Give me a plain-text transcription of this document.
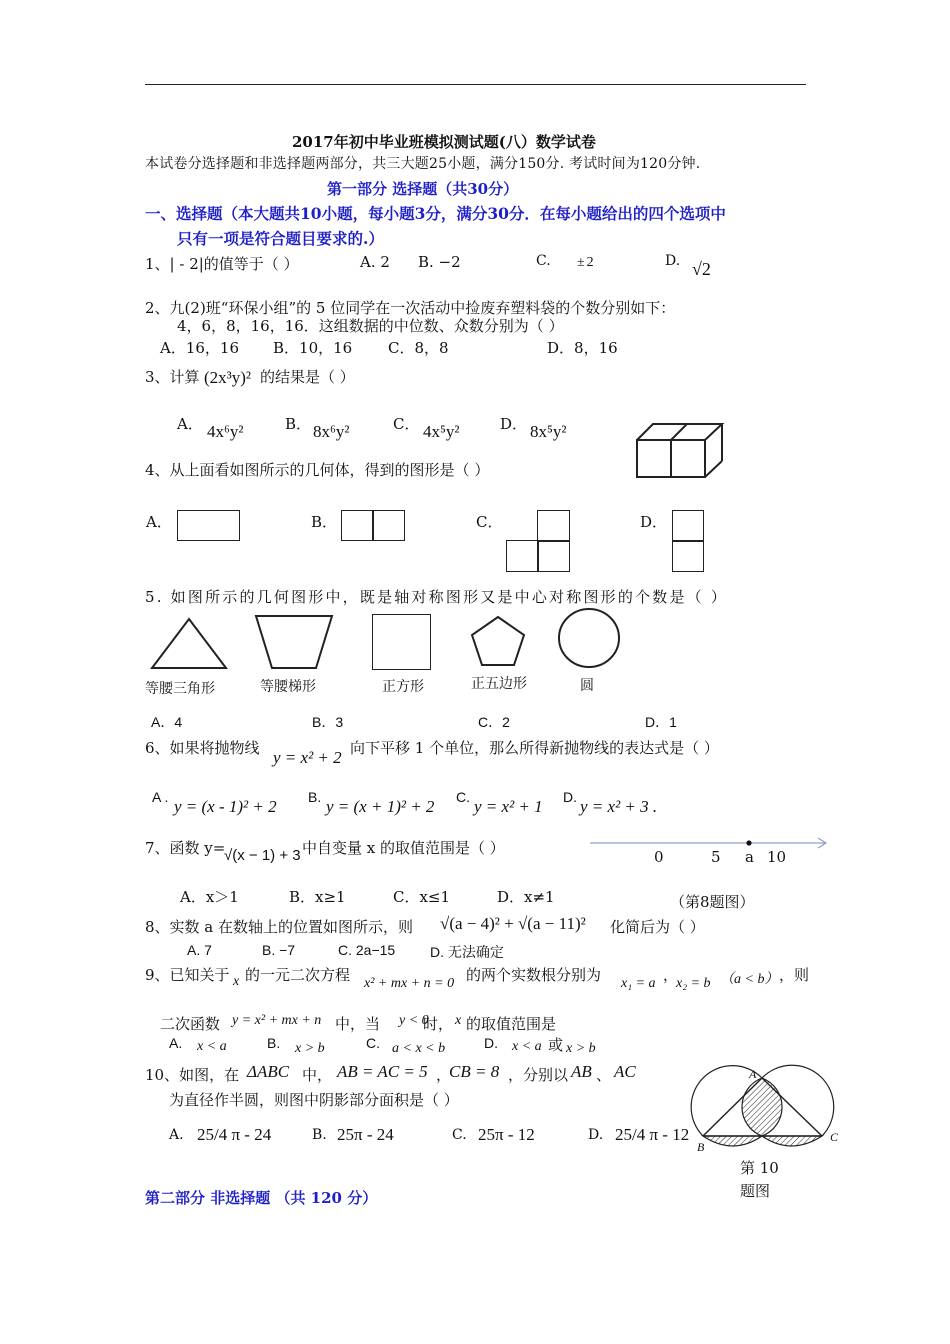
2017年初中毕业班模拟测试题(八）数学试卷
本试卷分选择题和非选择题两部分，共三大题25小题，满分150分. 考试时间为120分钟.
第一部分 选择题（共30分）
一、选择题（本大题共10小题，每小题3分，满分30分．在每小题给出的四个选项中
只有一项是符合题目要求的.）
1、| - 2|的值等于（ ）	A. 2 B. −2	C. ±2	D. √2
2、九(2)班“环保小组”的 5 位同学在一次活动中捡废弃塑料袋的个数分别如下：
4，6，8，16，16．这组数据的中位数、众数分别为（ ）
A．16，16 B．10，16 C．8，8	D．8，16
3、计算 (2x³y)² 的结果是（ ）
A． 4x⁶y²	B． 8x⁶y²	C． 4x⁵y²	D． 8x⁵y²
4、从上面看如图所示的几何体，得到的图形是（ ）
A．	B．	C．	D．
5. 如图所示的几何图形中，既是轴对称图形又是中心对称图形的个数是（ ）
等腰三角形	等腰梯形	正方形	正五边形	圆
A．4	B．3	C．2	D．1
6、如果将抛物线 y = x² + 2 向下平移 1 个单位，那么所得新抛物线的表达式是（ ）
A . y = (x - 1)² + 2 B. y = (x + 1)² + 2 C. y = x² + 1 D. y = x² + 3 .
7、函数 y=
√(x − 1) + 3 中自变量 x 的取值范围是（ ）	0	5 a 10
A．x＞1	B．x≥1	C．x≤1	D．x≠1	（第8题图）
8、实数 a 在数轴上的位置如图所示，则 √(a − 4)² + √(a − 11)² 化简后为（ ）
A. 7	B. −7	C. 2a−15 D. 无法确定
9、已知关于 x 的一元二次方程 x² + mx + n = 0 的两个实数根分别为 x₁ = a ，
x₂ = b （a < b） ，则
二次函数 y = x² + mx + n 中，当 y < 0
时， x 的取值范围是
A. x < a	B. x > b	C. a < x < b	D. x < a 或 x > b
10、如图，在 ΔABC 中， AB = AC = 5 ，
CB = 8 ，分别以 AB 、 AC
为直径作半圆，则图中阴影部分面积是（ ）
A. 25/4 π - 24	B. 25π - 24	C. 25π - 12	D. 25/4 π - 12
A
B
C
第 10
题图
第二部分 非选择题 （共 120 分）
